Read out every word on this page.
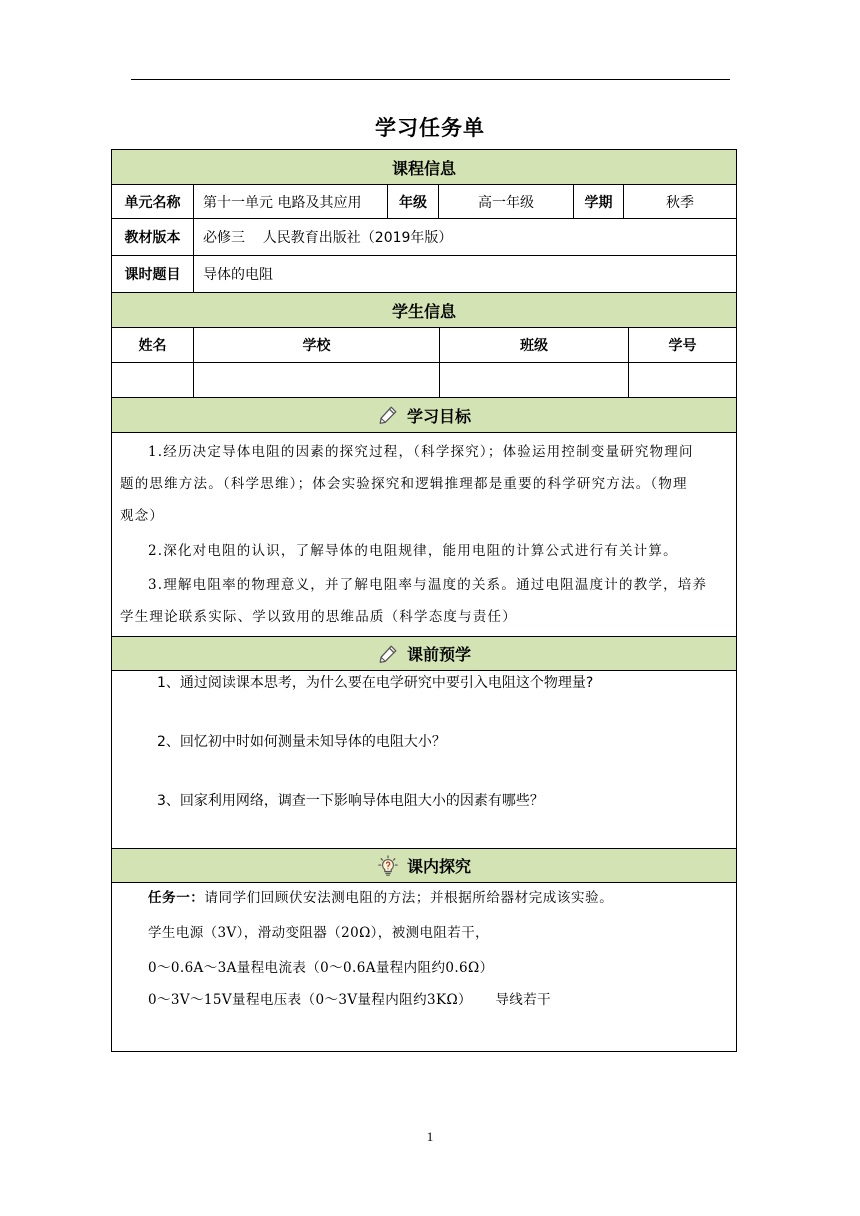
学习任务单
课程信息
单元名称 第十一单元 电路及其应用	年级	高一年级	学期	秋季
教材版本 必修三    人民教育出版社（2019年版）
课时题目 导体的电阻
学生信息
姓名	学校	班级	学号
学习目标
1.经历决定导体电阻的因素的探究过程，（科学探究）；体验运用控制变量研究物理问
题的思维方法。（科学思维）；体会实验探究和逻辑推理都是重要的科学研究方法。（物理
观念）
2.深化对电阻的认识，了解导体的电阻规律，能用电阻的计算公式进行有关计算。
3.理解电阻率的物理意义，并了解电阻率与温度的关系。通过电阻温度计的教学，培养
学生理论联系实际、学以致用的思维品质（科学态度与责任）
课前预学
1、通过阅读课本思考，为什么要在电学研究中要引入电阻这个物理量?
2、回忆初中时如何测量未知导体的电阻大小？
3、回家利用网络，调查一下影响导体电阻大小的因素有哪些？
课内探究
任务一：请同学们回顾伏安法测电阻的方法；并根据所给器材完成该实验。
学生电源（3V），滑动变阻器（20Ω），被测电阻若干，
0～0.6A～3A量程电流表（0～0.6A量程内阻约0.6Ω）
0～3V～15V量程电压表（0～3V量程内阻约3KΩ）     导线若干
1
